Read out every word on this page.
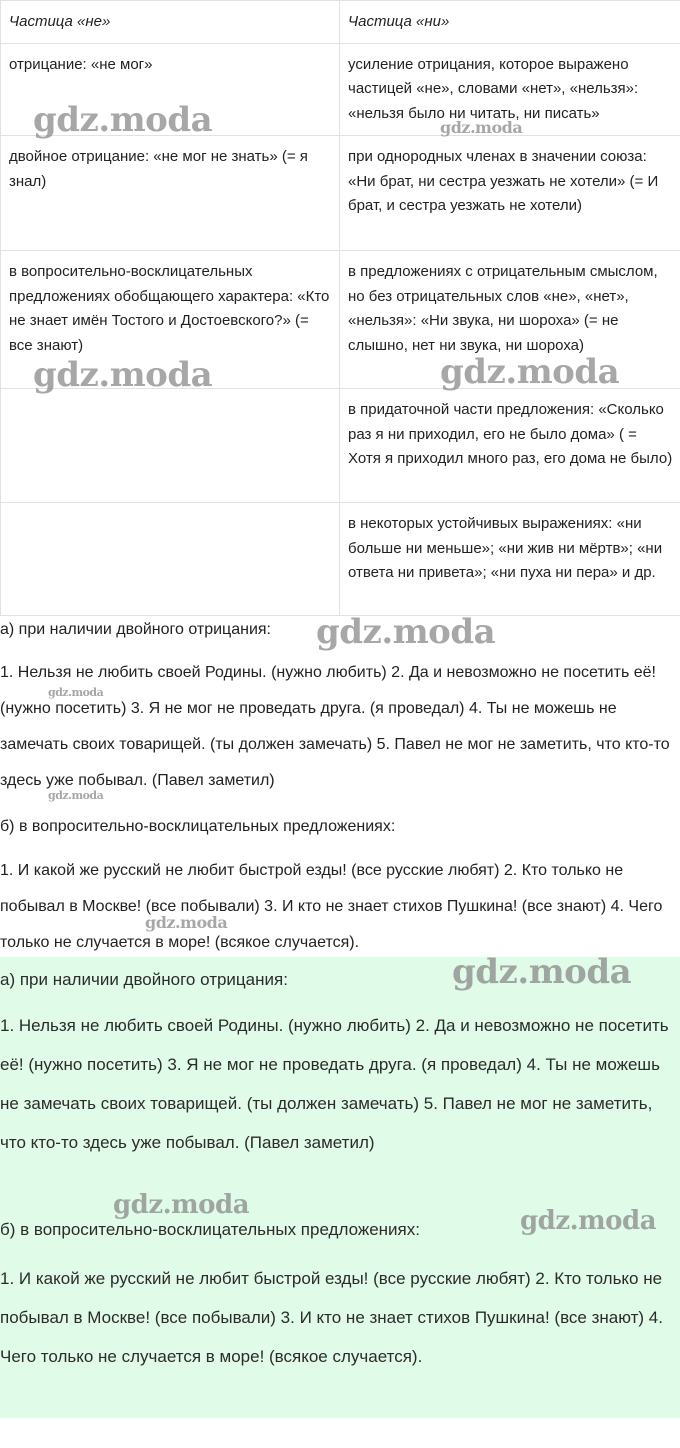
Частица «не»	Частица «ни»
отрицание: «не мог»	усиление отрицания, которое выражено частицей «не», словами «нет», «нельзя»: «нельзя было ни читать, ни писать»
двойное отрицание: «не мог не знать» (= я знал)	при однородных членах в значении союза: «Ни брат, ни сестра уезжать не хотели» (= И брат, и сестра уезжать не хотели)
в вопросительно-восклицательных предложениях обобщающего характера: «Кто не знает имён Тостого и Достоевского?» (= все знают)	в предложениях с отрицательным смыслом, но без отрицательных слов «не», «нет», «нельзя»: «Ни звука, ни шороха» (= не слышно, нет ни звука, ни шороха)
	в придаточной части предложения: «Сколько раз я ни приходил, его не было дома» ( = Хотя я приходил много раз, его дома не было)
	в некоторых устойчивых выражениях: «ни больше ни меньше»; «ни жив ни мёртв»; «ни ответа ни привета»; «ни пуха ни пера» и др.

а) при наличии двойного отрицания:

1. Нельзя не любить своей Родины. (нужно любить) 2. Да и невозможно не посетить её! (нужно посетить) 3. Я не мог не проведать друга. (я проведал) 4. Ты не можешь не замечать своих товарищей. (ты должен замечать) 5. Павел не мог не заметить, что кто-то здесь уже побывал. (Павел заметил)

б) в вопросительно-восклицательных предложениях:

1. И какой же русский не любит быстрой езды! (все русские любят) 2. Кто только не побывал в Москве! (все побывали) 3. И кто не знает стихов Пушкина! (все знают) 4. Чего только не случается в море! (всякое случается).

а) при наличии двойного отрицания:

1. Нельзя не любить своей Родины. (нужно любить) 2. Да и невозможно не посетить её! (нужно посетить) 3. Я не мог не проведать друга. (я проведал) 4. Ты не можешь не замечать своих товарищей. (ты должен замечать) 5. Павел не мог не заметить, что кто-то здесь уже побывал. (Павел заметил)

б) в вопросительно-восклицательных предложениях:

1. И какой же русский не любит быстрой езды! (все русские любят) 2. Кто только не побывал в Москве! (все побывали) 3. И кто не знает стихов Пушкина! (все знают) 4. Чего только не случается в море! (всякое случается).

gdz.moda	gdz.moda
gdz.moda	gdz.moda
gdz.moda
gdz.moda
gdz.moda
gdz.moda
gdz.moda
gdz.moda
gdz.moda
